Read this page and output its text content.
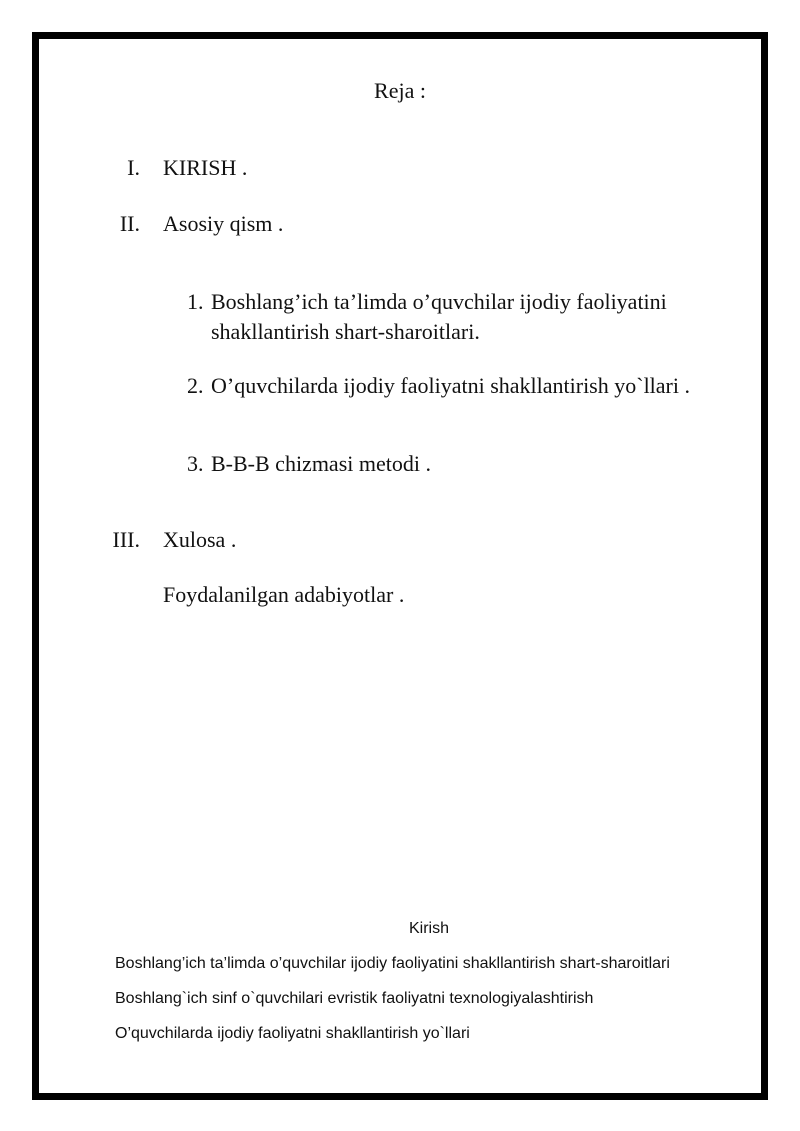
Reja :
I. KIRISH .
II. Asosiy qism .
1. Boshlang’ich ta’limda o’quvchilar ijodiy faoliyatini
shakllantirish shart-sharoitlari.
2. O’quvchilarda ijodiy faoliyatni shakllantirish yo`llari .
3. B-B-B chizmasi metodi .
III. Xulosa .
Foydalanilgan adabiyotlar .
Kirish
Boshlang’ich ta’limda o’quvchilar ijodiy faoliyatini shakllantirish shart-sharoitlari
Boshlang`ich sinf o`quvchilari evristik faoliyatni texnologiyalashtirish
O’quvchilarda ijodiy faoliyatni shakllantirish yo`llari
